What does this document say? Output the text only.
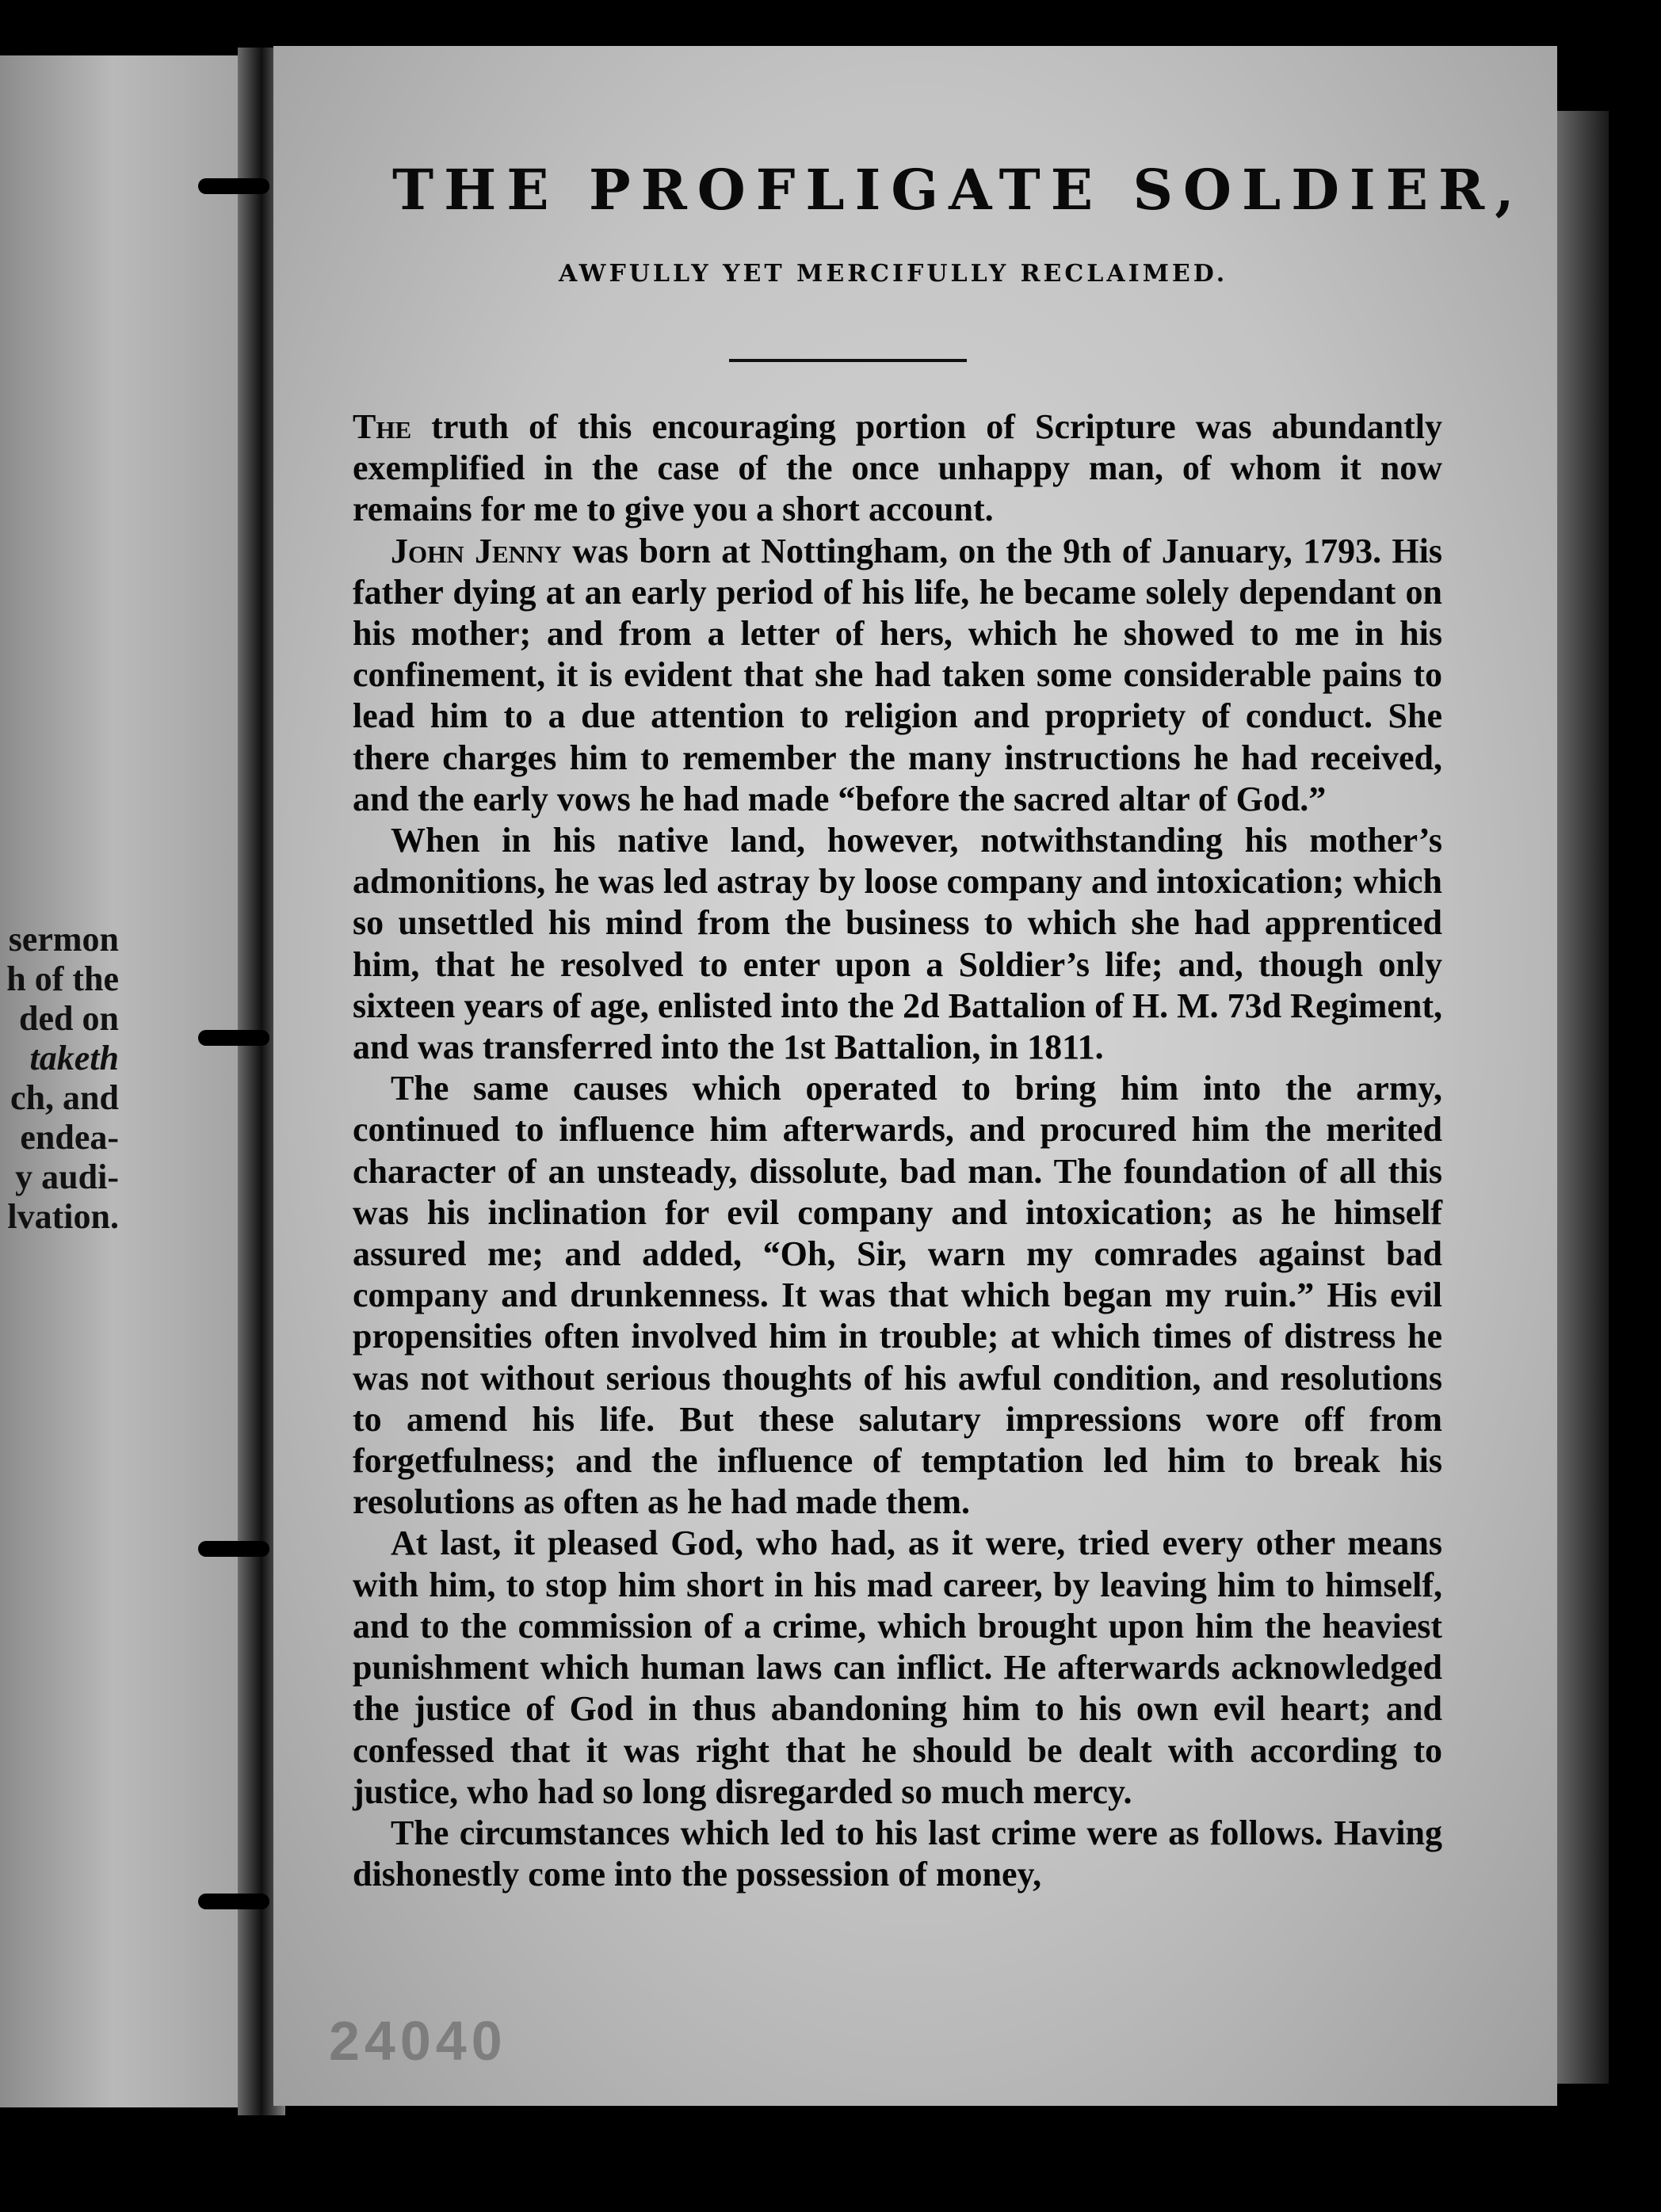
sermon
h of the
ded on
taketh
ch, and
endea-
y audi-
lvation.
THE PROFLIGATE SOLDIER,
AWFULLY YET MERCIFULLY RECLAIMED.

The truth of this encouraging portion of Scripture was abundantly exemplified in the case of the once unhappy man, of whom it now remains for me to give you a short account.

John Jenny was born at Nottingham, on the 9th of January, 1793. His father dying at an early period of his life, he became solely dependant on his mother; and from a letter of hers, which he showed to me in his confinement, it is evident that she had taken some considerable pains to lead him to a due attention to religion and propriety of conduct. She there charges him to remember the many instructions he had received, and the early vows he had made “before the sacred altar of God.”

When in his native land, however, notwithstanding his mother’s admonitions, he was led astray by loose company and intoxication; which so unsettled his mind from the business to which she had apprenticed him, that he resolved to enter upon a Soldier’s life; and, though only sixteen years of age, enlisted into the 2d Battalion of H. M. 73d Regiment, and was transferred into the 1st Battalion, in 1811.

The same causes which operated to bring him into the army, continued to influence him afterwards, and procured him the merited character of an unsteady, dissolute, bad man. The foundation of all this was his inclination for evil company and intoxication; as he himself assured me; and added, “Oh, Sir, warn my comrades against bad company and drunkenness. It was that which began my ruin.” His evil propensities often involved him in trouble; at which times of distress he was not without serious thoughts of his awful condition, and resolutions to amend his life. But these salutary impressions wore off from forgetfulness; and the influence of temptation led him to break his resolutions as often as he had made them.

At last, it pleased God, who had, as it were, tried every other means with him, to stop him short in his mad career, by leaving him to himself, and to the commission of a crime, which brought upon him the heaviest punishment which human laws can inflict. He afterwards acknowledged the justice of God in thus abandoning him to his own evil heart; and confessed that it was right that he should be dealt with according to justice, who had so long disregarded so much mercy.

The circumstances which led to his last crime were as follows. Having dishonestly come into the possession of money,

24040
